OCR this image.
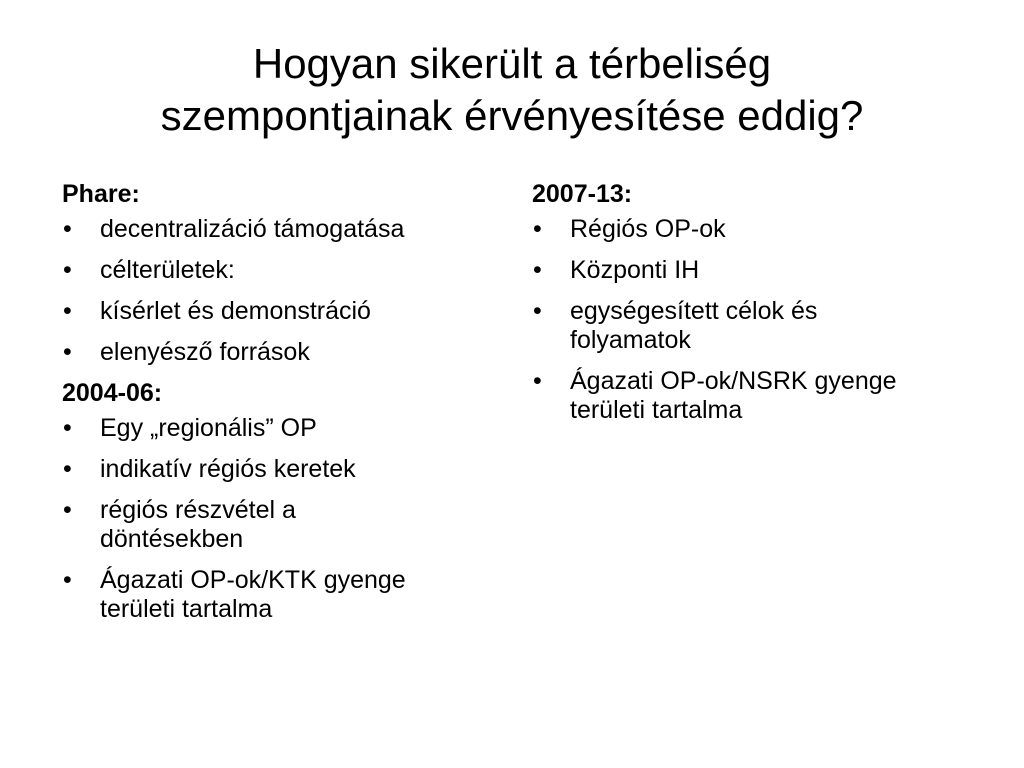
Hogyan sikerült a térbeliség
szempontjainak érvényesítése eddig?
Phare:
• decentralizáció támogatása
• célterületek:
• kísérlet és demonstráció
• elenyésző források
2004-06:
• Egy „regionális” OP
• indikatív régiós keretek
• régiós részvétel a döntésekben
• Ágazati OP-ok/KTK gyenge területi tartalma
2007-13:
• Régiós OP-ok
• Központi IH
• egységesített célok és folyamatok
• Ágazati OP-ok/NSRK gyenge területi tartalma
